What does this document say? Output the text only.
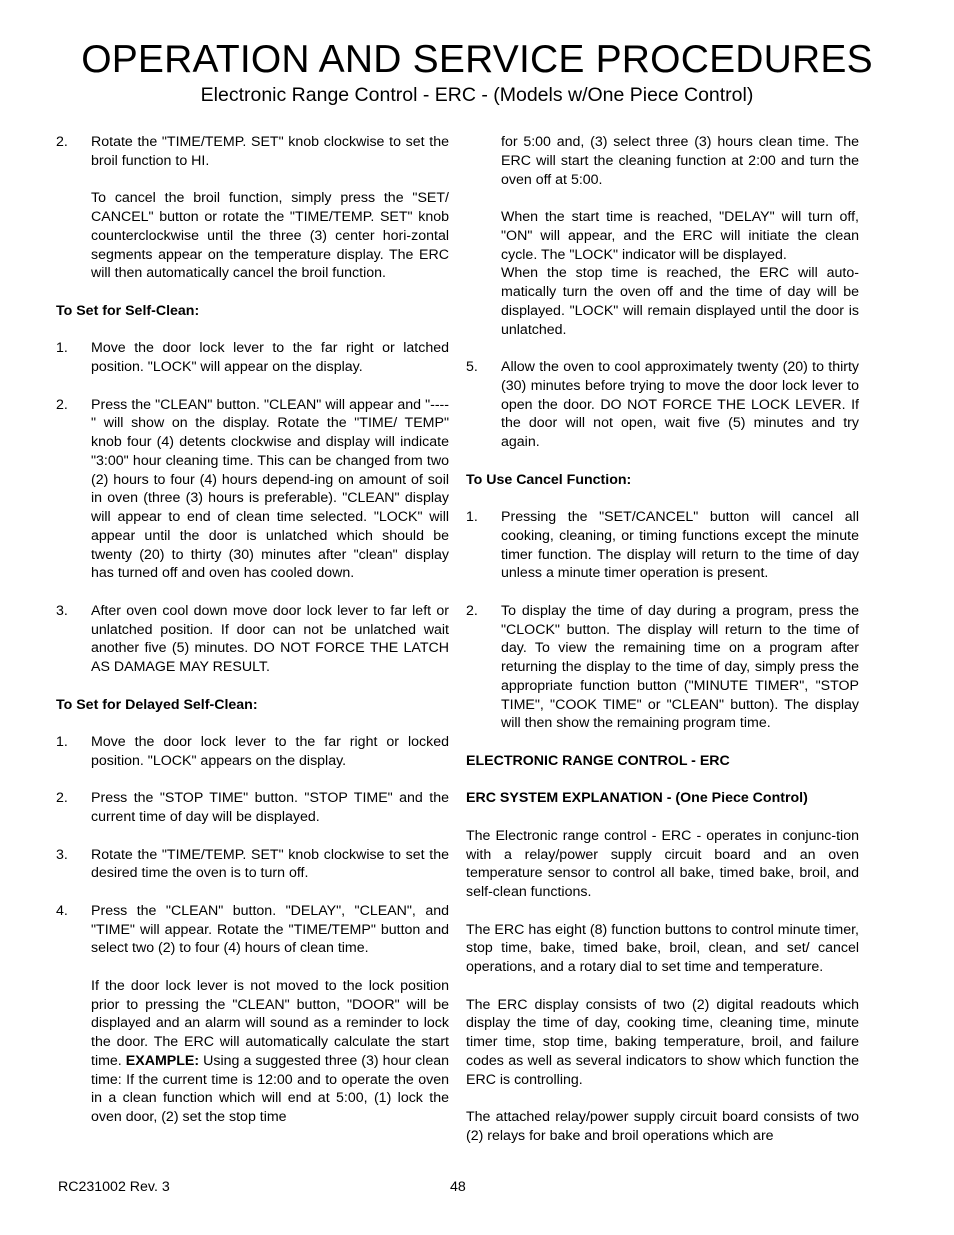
OPERATION AND SERVICE PROCEDURES
Electronic Range Control - ERC - (Models w/One Piece Control)

2.	Rotate the "TIME/TEMP. SET" knob clockwise to set the broil function to HI.

To cancel the broil function, simply press the "SET/ CANCEL" button or rotate the "TIME/TEMP. SET" knob counterclockwise until the three (3) center hori-zontal segments appear on the temperature display. The ERC will then automatically cancel the broil function.

To Set for Self-Clean:

1.	Move the door lock lever to the far right or latched position. "LOCK" will appear on the display.

2.	Press the "CLEAN" button. "CLEAN" will appear and "----" will show on the display. Rotate the "TIME/ TEMP" knob four (4) detents clockwise and display will indicate "3:00" hour cleaning time. This can be changed from two (2) hours to four (4) hours depend-ing on amount of soil in oven (three (3) hours is preferable). "CLEAN" display will appear to end of clean time selected. "LOCK" will appear until the door is unlatched which should be twenty (20) to thirty (30) minutes after "clean" display has turned off and oven has cooled down.

3.	After oven cool down move door lock lever to far left or unlatched position. If door can not be unlatched wait another five (5) minutes. DO NOT FORCE THE LATCH AS DAMAGE MAY RESULT.

To Set for Delayed Self-Clean:

1.	Move the door lock lever to the far right or locked position. "LOCK" appears on the display.

2.	Press the "STOP TIME" button. "STOP TIME" and the current time of day will be displayed.

3.	Rotate the "TIME/TEMP. SET" knob clockwise to set the desired time the oven is to turn off.

4.	Press the "CLEAN" button. "DELAY", "CLEAN", and "TIME" will appear. Rotate the "TIME/TEMP" button and select two (2) to four (4) hours of clean time.

If the door lock lever is not moved to the lock position prior to pressing the "CLEAN" button, "DOOR" will be displayed and an alarm will sound as a reminder to lock the door. The ERC will automatically calculate the start time. EXAMPLE: Using a suggested three (3) hour clean time: If the current time is 12:00 and to operate the oven in a clean function which will end at 5:00, (1) lock the oven door, (2) set the stop time

for 5:00 and, (3) select three (3) hours clean time. The ERC will start the cleaning function at 2:00 and turn the oven off at 5:00.

When the start time is reached, "DELAY" will turn off, "ON" will appear, and the ERC will initiate the clean cycle. The "LOCK" indicator will be displayed.

When the stop time is reached, the ERC will auto-matically turn the oven off and the time of day will be displayed. "LOCK" will remain displayed until the door is unlatched.

5.	Allow the oven to cool approximately twenty (20) to thirty (30) minutes before trying to move the door lock lever to open the door. DO NOT FORCE THE LOCK LEVER. If the door will not open, wait five (5) minutes and try again.

To Use Cancel Function:

1.	Pressing the "SET/CANCEL" button will cancel all cooking, cleaning, or timing functions except the minute timer function. The display will return to the time of day unless a minute timer operation is present.

2.	To display the time of day during a program, press the "CLOCK" button. The display will return to the time of day. To view the remaining time on a program after returning the display to the time of day, simply press the appropriate function button ("MINUTE TIMER", "STOP TIME", "COOK TIME" or "CLEAN" button). The display will then show the remaining program time.

ELECTRONIC RANGE CONTROL - ERC

ERC SYSTEM EXPLANATION - (One Piece Control)

The Electronic range control - ERC - operates in conjunc-tion with a relay/power supply circuit board and an oven temperature sensor to control all bake, timed bake, broil, and self-clean functions.

The ERC has eight (8) function buttons to control minute timer, stop time, bake, timed bake, broil, clean, and set/ cancel operations, and a rotary dial to set time and temperature.

The ERC display consists of two (2) digital readouts which display the time of day, cooking time, cleaning time, minute timer time, stop time, baking temperature, broil, and failure codes as well as several indicators to show which function the ERC is controlling.

The attached relay/power supply circuit board consists of two (2) relays for bake and broil operations which are

RC231002 Rev. 3	48
